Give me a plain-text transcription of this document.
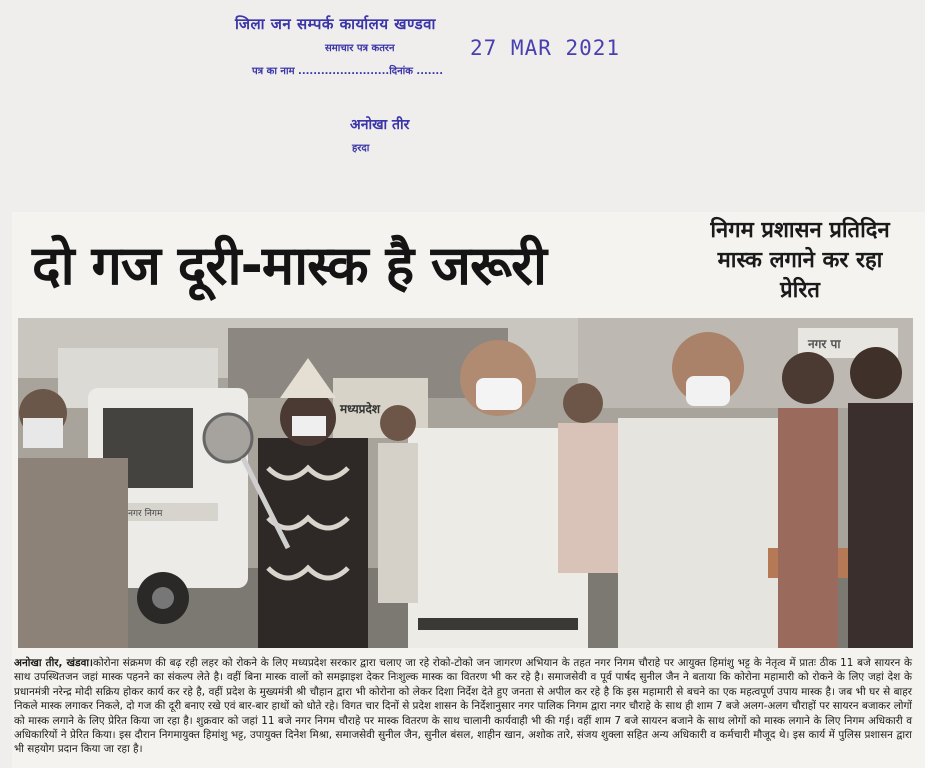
जिला जन सम्पर्क कार्यालय खण्डवा
समाचार पत्र कतरन	27 MAR 2021
पत्र का नाम ........................दिनांक .......
अनोखा तीर
हरदा
दो गज दूरी-मास्क है जरूरी
निगम प्रशासन प्रतिदिन मास्क लगाने कर रहा प्रेरित
नगर पा
नगर निगम
मध्यप्रदेश
अनोखा तीर, खंडवा।कोरोना संक्रमण की बढ़ रही लहर को रोकने के लिए मध्यप्रदेश सरकार द्वारा चलाए जा रहे रोको-टोको जन जागरण अभियान के तहत नगर निगम चौराहे पर आयुक्त हिमांशु भट्ट के नेतृत्व में प्रातः ठीक 11 बजे सायरन के साथ उपस्थितजन जहां मास्क पहनने का संकल्प लेते है। वहीं बिना मास्क वालों को समझाइश देकर निःशुल्क मास्क का वितरण भी कर रहे है। समाजसेवी व पूर्व पार्षद सुनील जैन ने बताया कि कोरोना महामारी को रोकने के लिए जहां देश के प्रधानमंत्री नरेन्द्र मोदी सक्रिय होकर कार्य कर रहे है, वहीं प्रदेश के मुख्यमंत्री श्री चौहान द्वारा भी कोरोना को लेकर दिशा निर्देश देते हुए जनता से अपील कर रहे है कि इस महामारी से बचने का एक महत्वपूर्ण उपाय मास्क है। जब भी घर से बाहर निकले मास्क लगाकर निकले, दो गज की दूरी बनाए रखे एवं बार-बार हाथों को धोते रहे। विगत चार दिनों से प्रदेश शासन के निर्देशानुसार नगर पालिक निगम द्वारा नगर चौराहे के साथ ही शाम 7 बजे अलग-अलग चौराहों पर सायरन बजाकर लोगों को मास्क लगाने के लिए प्रेरित किया जा रहा है। शुक्रवार को जहां 11 बजे नगर निगम चौराहे पर मास्क वितरण के साथ चालानी कार्यवाही भी की गई। वहीं शाम 7 बजे सायरन बजाने के साथ लोगों को मास्क लगाने के लिए निगम अधिकारी व अधिकारियों ने प्रेरित किया। इस दौरान निगमायुक्त हिमांशु भट्ट, उपायुक्त दिनेश मिश्रा, समाजसेवी सुनील जैन, सुनील बंसल, शाहीन खान, अशोक तारे, संजय शुक्ला सहित अन्य अधिकारी व कर्मचारी मौजूद थे। इस कार्य में पुलिस प्रशासन द्वारा भी सहयोग प्रदान किया जा रहा है।
